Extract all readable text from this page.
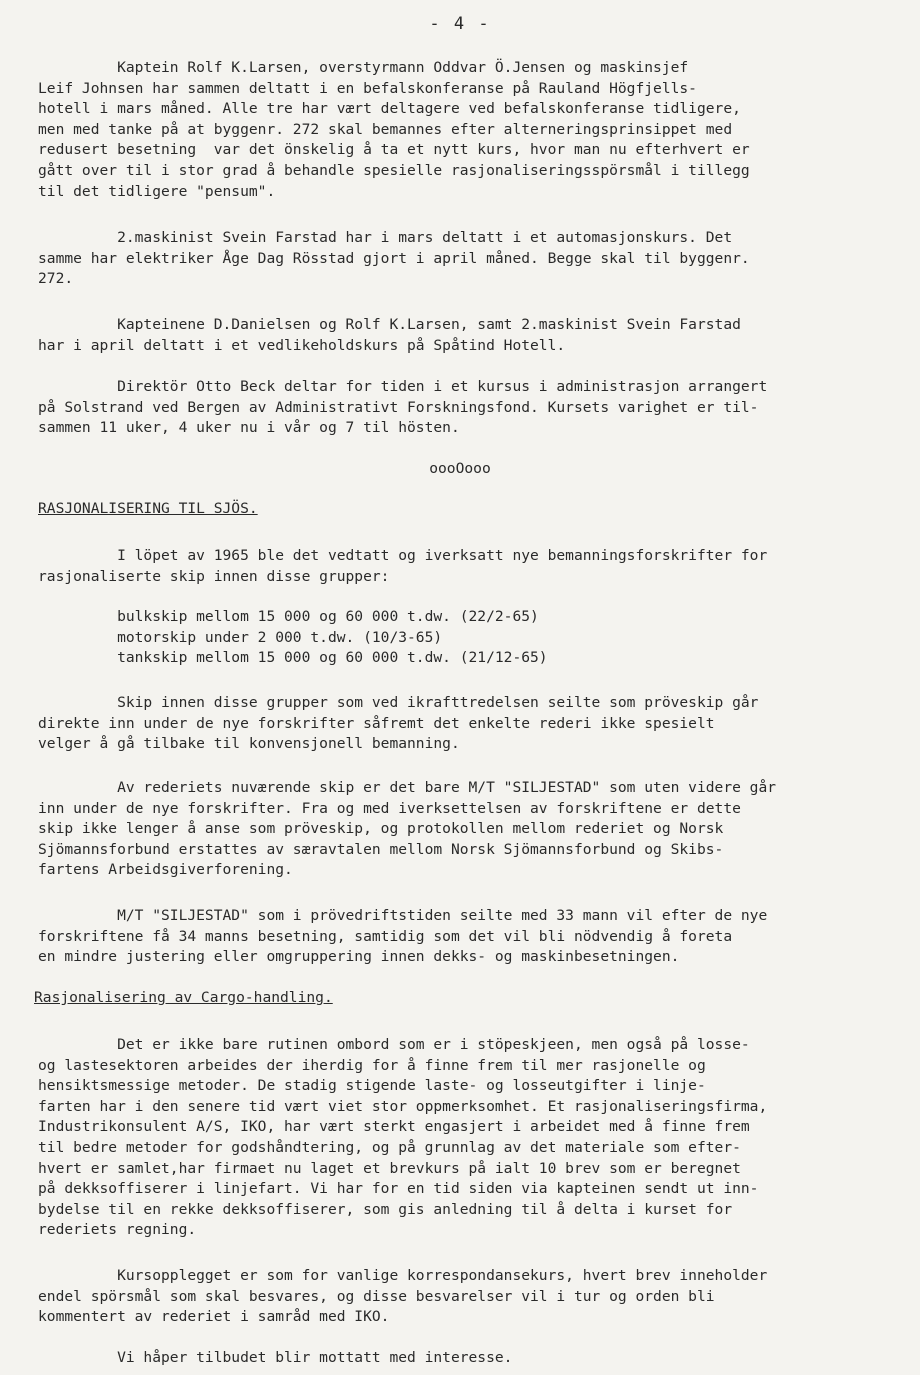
- 4 -
Kaptein Rolf K.Larsen, overstyrmann Oddvar Ö.Jensen og maskinsjef
Leif Johnsen har sammen deltatt i en befalskonferanse på Rauland Högfjells-
hotell i mars måned. Alle tre har vært deltagere ved befalskonferanse tidligere,
men med tanke på at byggenr. 272 skal bemannes efter alterneringsprinsippet med
redusert besetning  var det önskelig å ta et nytt kurs, hvor man nu efterhvert er
gått over til i stor grad å behandle spesielle rasjonaliseringsspörsmål i tillegg
til det tidligere "pensum".
2.maskinist Svein Farstad har i mars deltatt i et automasjonskurs. Det
samme har elektriker Åge Dag Rösstad gjort i april måned. Begge skal til byggenr.
272.
Kapteinene D.Danielsen og Rolf K.Larsen, samt 2.maskinist Svein Farstad
har i april deltatt i et vedlikeholdskurs på Spåtind Hotell.
Direktör Otto Beck deltar for tiden i et kursus i administrasjon arrangert
på Solstrand ved Bergen av Administrativt Forskningsfond. Kursets varighet er til-
sammen 11 uker, 4 uker nu i vår og 7 til hösten.
oooOooo
RASJONALISERING TIL SJÖS.
I löpet av 1965 ble det vedtatt og iverksatt nye bemanningsforskrifter for
rasjonaliserte skip innen disse grupper:
bulkskip mellom 15 000 og 60 000 t.dw. (22/2-65)
motorskip under 2 000 t.dw. (10/3-65)
tankskip mellom 15 000 og 60 000 t.dw. (21/12-65)
Skip innen disse grupper som ved ikrafttredelsen seilte som pröveskip går
direkte inn under de nye forskrifter såfremt det enkelte rederi ikke spesielt
velger å gå tilbake til konvensjonell bemanning.
Av rederiets nuværende skip er det bare M/T "SILJESTAD" som uten videre går
inn under de nye forskrifter. Fra og med iverksettelsen av forskriftene er dette
skip ikke lenger å anse som pröveskip, og protokollen mellom rederiet og Norsk
Sjömannsforbund erstattes av særavtalen mellom Norsk Sjömannsforbund og Skibs-
fartens Arbeidsgiverforening.
M/T "SILJESTAD" som i prövedriftstiden seilte med 33 mann vil efter de nye
forskriftene få 34 manns besetning, samtidig som det vil bli nödvendig å foreta
en mindre justering eller omgruppering innen dekks- og maskinbesetningen.
Rasjonalisering av Cargo-handling.
Det er ikke bare rutinen ombord som er i stöpeskjeen, men også på losse-
og lastesektoren arbeides der iherdig for å finne frem til mer rasjonelle og
hensiktsmessige metoder. De stadig stigende laste- og losseutgifter i linje-
farten har i den senere tid vært viet stor oppmerksomhet. Et rasjonaliseringsfirma,
Industrikonsulent A/S, IKO, har vært sterkt engasjert i arbeidet med å finne frem
til bedre metoder for godshåndtering, og på grunnlag av det materiale som efter-
hvert er samlet,har firmaet nu laget et brevkurs på ialt 10 brev som er beregnet
på dekksoffiserer i linjefart. Vi har for en tid siden via kapteinen sendt ut inn-
bydelse til en rekke dekksoffiserer, som gis anledning til å delta i kurset for
rederiets regning.
Kursopplegget er som for vanlige korrespondansekurs, hvert brev inneholder
endel spörsmål som skal besvares, og disse besvarelser vil i tur og orden bli
kommentert av rederiet i samråd med IKO.
Vi håper tilbudet blir mottatt med interesse.
